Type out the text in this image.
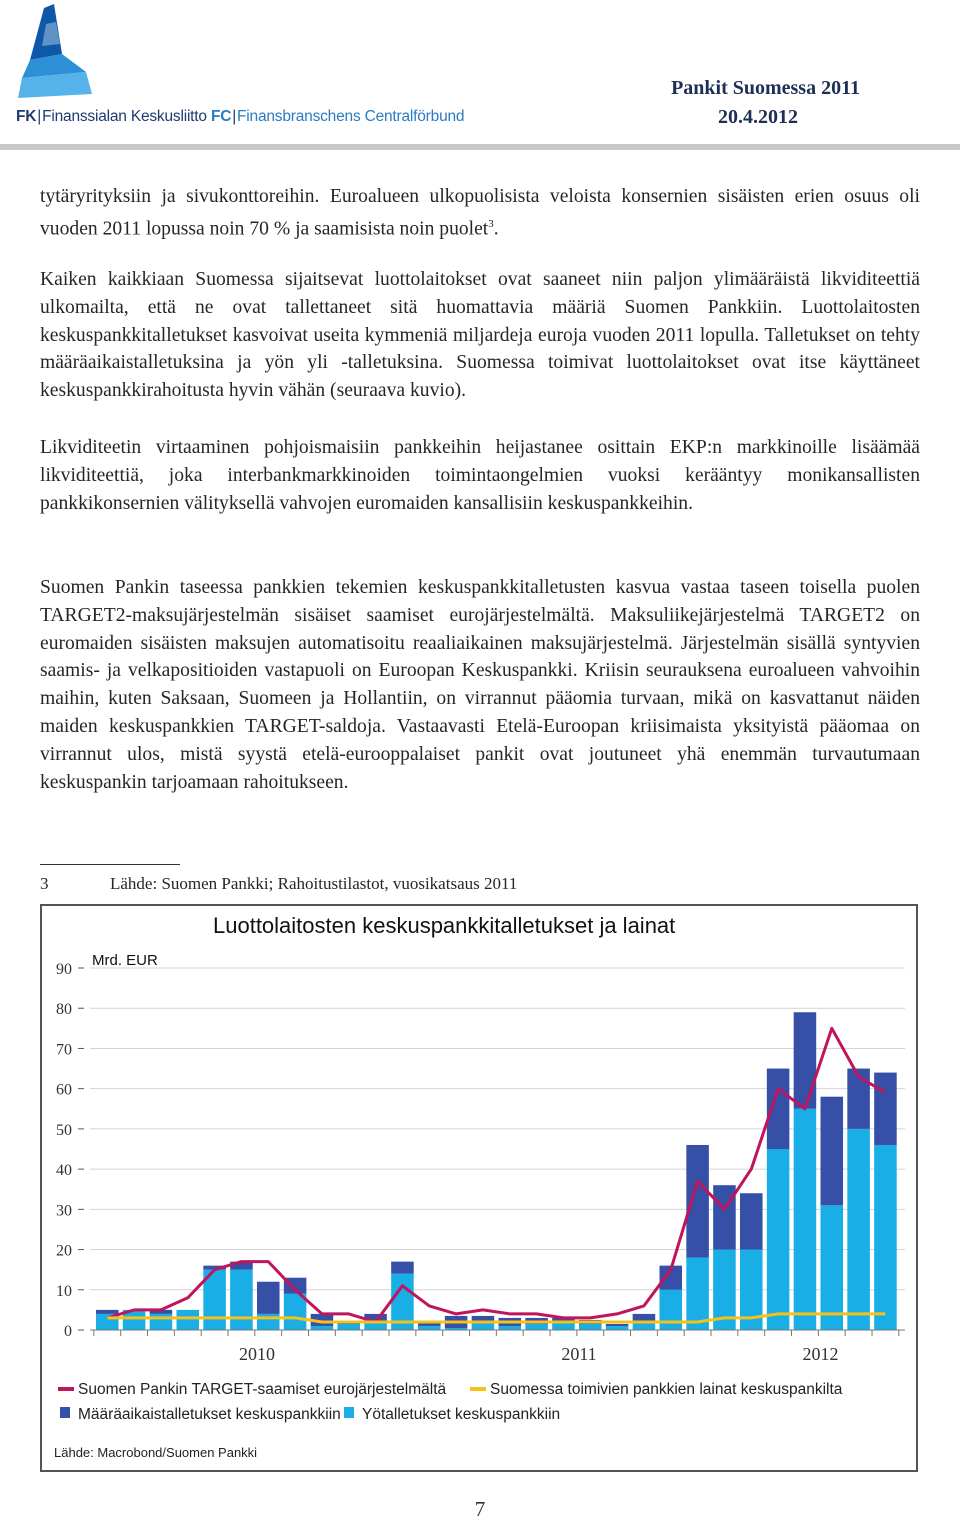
FK|Finanssialan Keskusliitto FC|Finansbranschens Centralförbund
Pankit Suomessa 2011
20.4.2012
tytäryrityksiin ja sivukonttoreihin. Euroalueen ulkopuolisista veloista konsernien sisäisten erien osuus oli vuoden 2011 lopussa noin 70 % ja saamisista noin puolet$^3$.
Kaiken kaikkiaan Suomessa sijaitsevat luottolaitokset ovat saaneet niin paljon ylimääräistä likviditeettiä ulkomailta, että ne ovat tallettaneet sitä huomattavia määriä Suomen Pankkiin. Luottolaitosten keskuspankkitalletukset kasvoivat useita kymmeniä miljardeja euroja vuoden 2011 lopulla. Talletukset on tehty määräaikaistalletuksina ja yön yli -talletuksina. Suomessa toimivat luottolaitokset ovat itse käyttäneet keskuspankkirahoitusta hyvin vähän (seuraava kuvio).
Likviditeetin virtaaminen pohjoismaisiin pankkeihin heijastanee osittain EKP:n markkinoille lisäämää likviditeettiä, joka interbankmarkkinoiden toimintaongelmien vuoksi kerääntyy monikansallisten pankkikonsernien välityksellä vahvojen euromaiden kansallisiin keskuspankkeihin.
Suomen Pankin taseessa pankkien tekemien keskuspankkitalletusten kasvua vastaa taseen toisella puolen TARGET2-maksujärjestelmän sisäiset saamiset eurojärjestelmältä. Maksuliikejärjestelmä TARGET2 on euromaiden sisäisten maksujen automatisoitu reaaliaikainen maksujärjestelmä. Järjestelmän sisällä syntyvien saamis- ja velkapositioiden vastapuoli on Euroopan Keskuspankki. Kriisin seurauksena euroalueen vahvoihin maihin, kuten Saksaan, Suomeen ja Hollantiin, on virrannut pääomia turvaan, mikä on kasvattanut näiden maiden keskuspankkien TARGET-saldoja. Vastaavasti Etelä-Euroopan kriisimaista yksityistä pääomaa on virrannut ulos, mistä syystä etelä-eurooppalaiset pankit ovat joutuneet yhä enemmän turvautumaan keskuspankin tarjoamaan rahoitukseen.
3	Lähde: Suomen Pankki; Rahoitustilastot, vuosikatsaus 2011
Luottolaitosten keskuspankkitalletukset ja lainat
Mrd. EUR
0
10
20
30
40
50
60
70
80
90
2010	2011	2012
Suomen Pankin TARGET-saamiset eurojärjestelmältä	Suomessa toimivien pankkien lainat keskuspankilta
Määräaikaistalletukset keskuspankkiin Yötalletukset keskuspankkiin
Lähde: Macrobond/Suomen Pankki
7
